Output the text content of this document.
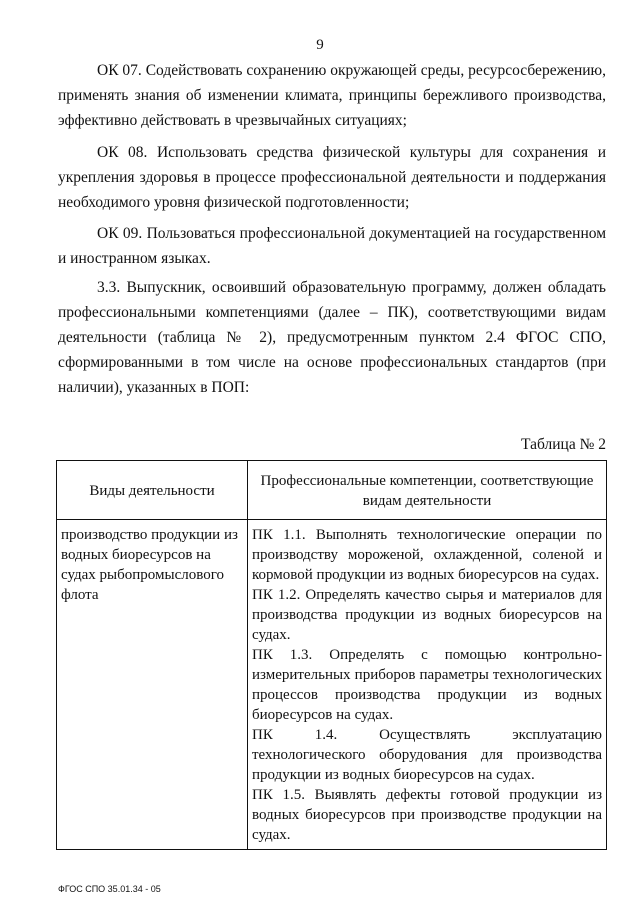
9

ОК 07. Содействовать сохранению окружающей среды, ресурсосбережению, применять знания об изменении климата, принципы бережливого производства, эффективно действовать в чрезвычайных ситуациях;

ОК 08. Использовать средства физической культуры для сохранения и укрепления здоровья в процессе профессиональной деятельности и поддержания необходимого уровня физической подготовленности;

ОК 09. Пользоваться профессиональной документацией на государственном и иностранном языках.

3.3. Выпускник, освоивший образовательную программу, должен обладать профессиональными компетенциями (далее – ПК), соответствующими видам деятельности (таблица № 2), предусмотренным пунктом 2.4 ФГОС СПО, сформированными в том числе на основе профессиональных стандартов (при наличии), указанных в ПОП:

Таблица № 2
Виды деятельности	Профессиональные компетенции, соответствующие видам деятельности
производство продукции из водных биоресурсов на судах рыбопромыслового флота	ПК 1.1. Выполнять технологические операции по производству мороженой, охлажденной, соленой и кормовой продукции из водных биоресурсов на судах.
ПК 1.2. Определять качество сырья и материалов для производства продукции из водных биоресурсов на судах.
ПК 1.3. Определять с помощью контрольно-измерительных приборов параметры технологических процессов производства продукции из водных биоресурсов на судах.
ПК 1.4. Осуществлять эксплуатацию технологического оборудования для производства продукции из водных биоресурсов на судах.
ПК 1.5. Выявлять дефекты готовой продукции из водных биоресурсов при производстве продукции на судах.
ФГОС СПО 35.01.34 - 05
